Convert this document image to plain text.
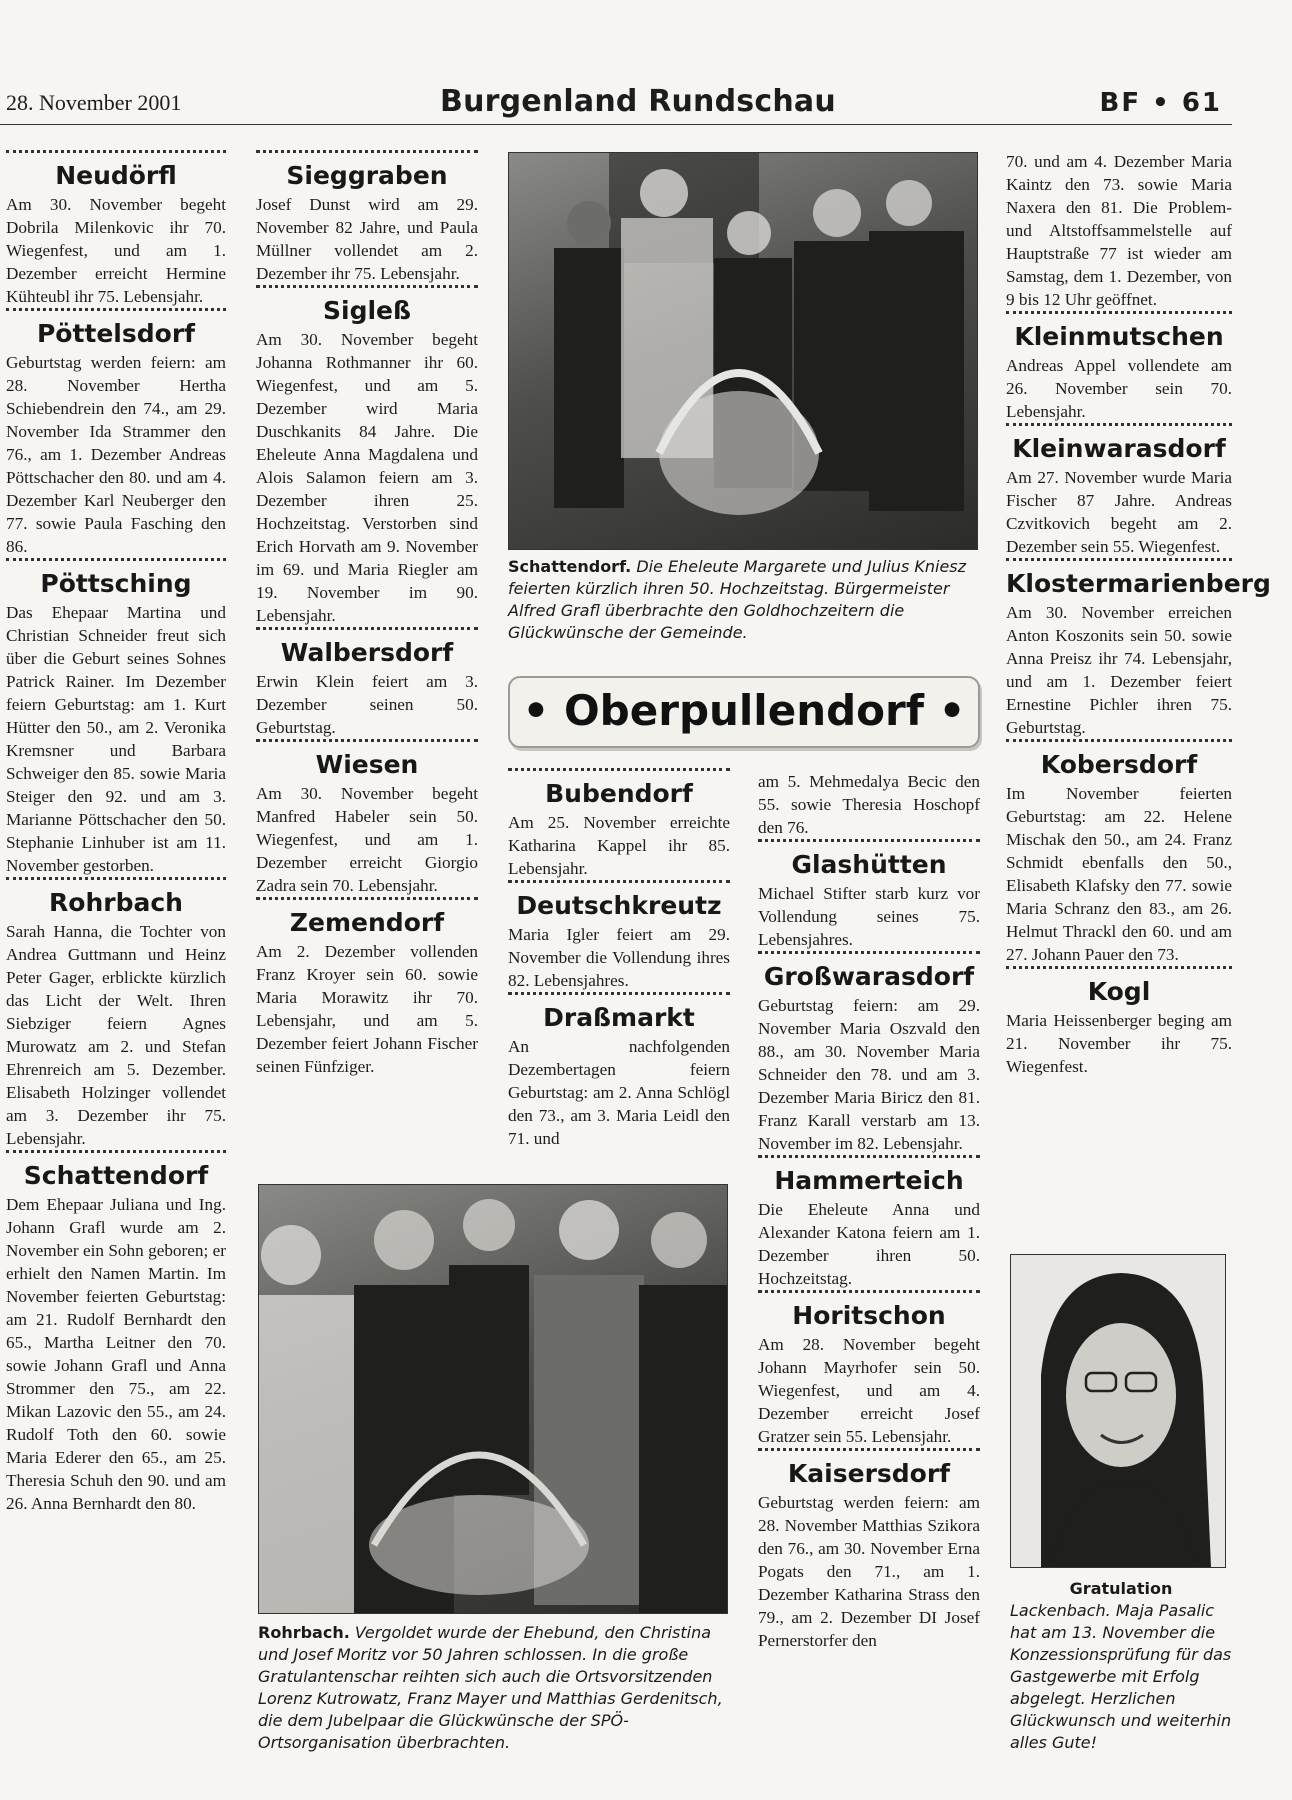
28. November 2001	Burgenland Rundschau	BF • 61
Neudörfl

Am 30. November begeht Dobrila Milenkovic ihr 70. Wiegenfest, und am 1. Dezember erreicht Hermine Kühteubl ihr 75. Lebensjahr.

Pöttelsdorf

Geburtstag werden feiern: am 28. November Hertha Schiebendrein den 74., am 29. November Ida Strammer den 76., am 1. Dezember Andreas Pöttschacher den 80. und am 4. Dezember Karl Neuberger den 77. sowie Paula Fasching den 86.

Pöttsching

Das Ehepaar Martina und Christian Schneider freut sich über die Geburt seines Sohnes Patrick Rainer. Im Dezember feiern Geburtstag: am 1. Kurt Hütter den 50., am 2. Veronika Kremsner und Barbara Schweiger den 85. sowie Maria Steiger den 92. und am 3. Marianne Pöttschacher den 50. Stephanie Linhuber ist am 11. November gestorben.

Rohrbach

Sarah Hanna, die Tochter von Andrea Guttmann und Heinz Peter Gager, erblickte kürzlich das Licht der Welt. Ihren Siebziger feiern Agnes Murowatz am 2. und Stefan Ehrenreich am 5. Dezember. Elisabeth Holzinger vollendet am 3. Dezember ihr 75. Lebensjahr.

Schattendorf

Dem Ehepaar Juliana und Ing. Johann Grafl wurde am 2. November ein Sohn geboren; er erhielt den Namen Martin. Im November feierten Geburtstag: am 21. Rudolf Bernhardt den 65., Martha Leitner den 70. sowie Johann Grafl und Anna Strommer den 75., am 22. Mikan Lazovic den 55., am 24. Rudolf Toth den 60. sowie Maria Ederer den 65., am 25. Theresia Schuh den 90. und am 26. Anna Bernhardt den 80.

Sieggraben

Josef Dunst wird am 29. November 82 Jahre, und Paula Müllner vollendet am 2. Dezember ihr 75. Lebensjahr.

Sigleß

Am 30. November begeht Johanna Rothmanner ihr 60. Wiegenfest, und am 5. Dezember wird Maria Duschkanits 84 Jahre. Die Eheleute Anna Magdalena und Alois Salamon feiern am 3. Dezember ihren 25. Hochzeitstag. Verstorben sind Erich Horvath am 9. November im 69. und Maria Riegler am 19. November im 90. Lebensjahr.

Walbersdorf

Erwin Klein feiert am 3. Dezember seinen 50. Geburtstag.

Wiesen

Am 30. November begeht Manfred Habeler sein 50. Wiegenfest, und am 1. Dezember erreicht Giorgio Zadra sein 70. Lebensjahr.

Zemendorf

Am 2. Dezember vollenden Franz Kroyer sein 60. sowie Maria Morawitz ihr 70. Lebensjahr, und am 5. Dezember feiert Johann Fischer seinen Fünfziger.

Schattendorf. Die Eheleute Margarete und Julius Kniesz feierten kürzlich ihren 50. Hochzeitstag. Bürgermeister Alfred Grafl überbrachte den Goldhochzeitern die Glückwünsche der Gemeinde.
• Oberpullendorf •
Bubendorf

Am 25. November erreichte Katharina Kappel ihr 85. Lebensjahr.

Deutschkreutz

Maria Igler feiert am 29. November die Vollendung ihres 82. Lebensjahres.

Draßmarkt

An nachfolgenden Dezembertagen feiern Geburtstag: am 2. Anna Schlögl den 73., am 3. Maria Leidl den 71. und

am 5. Mehmedalya Becic den 55. sowie Theresia Hoschopf den 76.

Glashütten

Michael Stifter starb kurz vor Vollendung seines 75. Lebensjahres.

Großwarasdorf

Geburtstag feiern: am 29. November Maria Oszvald den 88., am 30. November Maria Schneider den 78. und am 3. Dezember Maria Biricz den 81. Franz Karall verstarb am 13. November im 82. Lebensjahr.

Hammerteich

Die Eheleute Anna und Alexander Katona feiern am 1. Dezember ihren 50. Hochzeitstag.

Horitschon

Am 28. November begeht Johann Mayrhofer sein 50. Wiegenfest, und am 4. Dezember erreicht Josef Gratzer sein 55. Lebensjahr.

Kaisersdorf

Geburtstag werden feiern: am 28. November Matthias Szikora den 76., am 30. November Erna Pogats den 71., am 1. Dezember Katharina Strass den 79., am 2. Dezember DI Josef Pernerstorfer den

70. und am 4. Dezember Maria Kaintz den 73. sowie Maria Naxera den 81. Die Problem- und Altstoffsammelstelle auf Hauptstraße 77 ist wieder am Samstag, dem 1. Dezember, von 9 bis 12 Uhr geöffnet.

Kleinmutschen

Andreas Appel vollendete am 26. November sein 70. Lebensjahr.

Kleinwarasdorf

Am 27. November wurde Maria Fischer 87 Jahre. Andreas Czvitkovich begeht am 2. Dezember sein 55. Wiegenfest.

Klostermarienberg

Am 30. November erreichen Anton Koszonits sein 50. sowie Anna Preisz ihr 74. Lebensjahr, und am 1. Dezember feiert Ernestine Pichler ihren 75. Geburtstag.

Kobersdorf

Im November feierten Geburtstag: am 22. Helene Mischak den 50., am 24. Franz Schmidt ebenfalls den 50., Elisabeth Klafsky den 77. sowie Maria Schranz den 83., am 26. Helmut Thrackl den 60. und am 27. Johann Pauer den 73.

Kogl

Maria Heissenberger beging am 21. November ihr 75. Wiegenfest.

Rohrbach. Vergoldet wurde der Ehebund, den Christina und Josef Moritz vor 50 Jahren schlossen. In die große Gratulantenschar reihten sich auch die Ortsvorsitzenden Lorenz Kutrowatz, Franz Mayer und Matthias Gerdenitsch, die dem Jubelpaar die Glückwünsche der SPÖ-Ortsorganisation überbrachten.
Gratulation
Lackenbach. Maja Pasalic hat am 13. November die Konzessionsprüfung für das Gastgewerbe mit Erfolg abgelegt. Herzlichen Glückwunsch und weiterhin alles Gute!
